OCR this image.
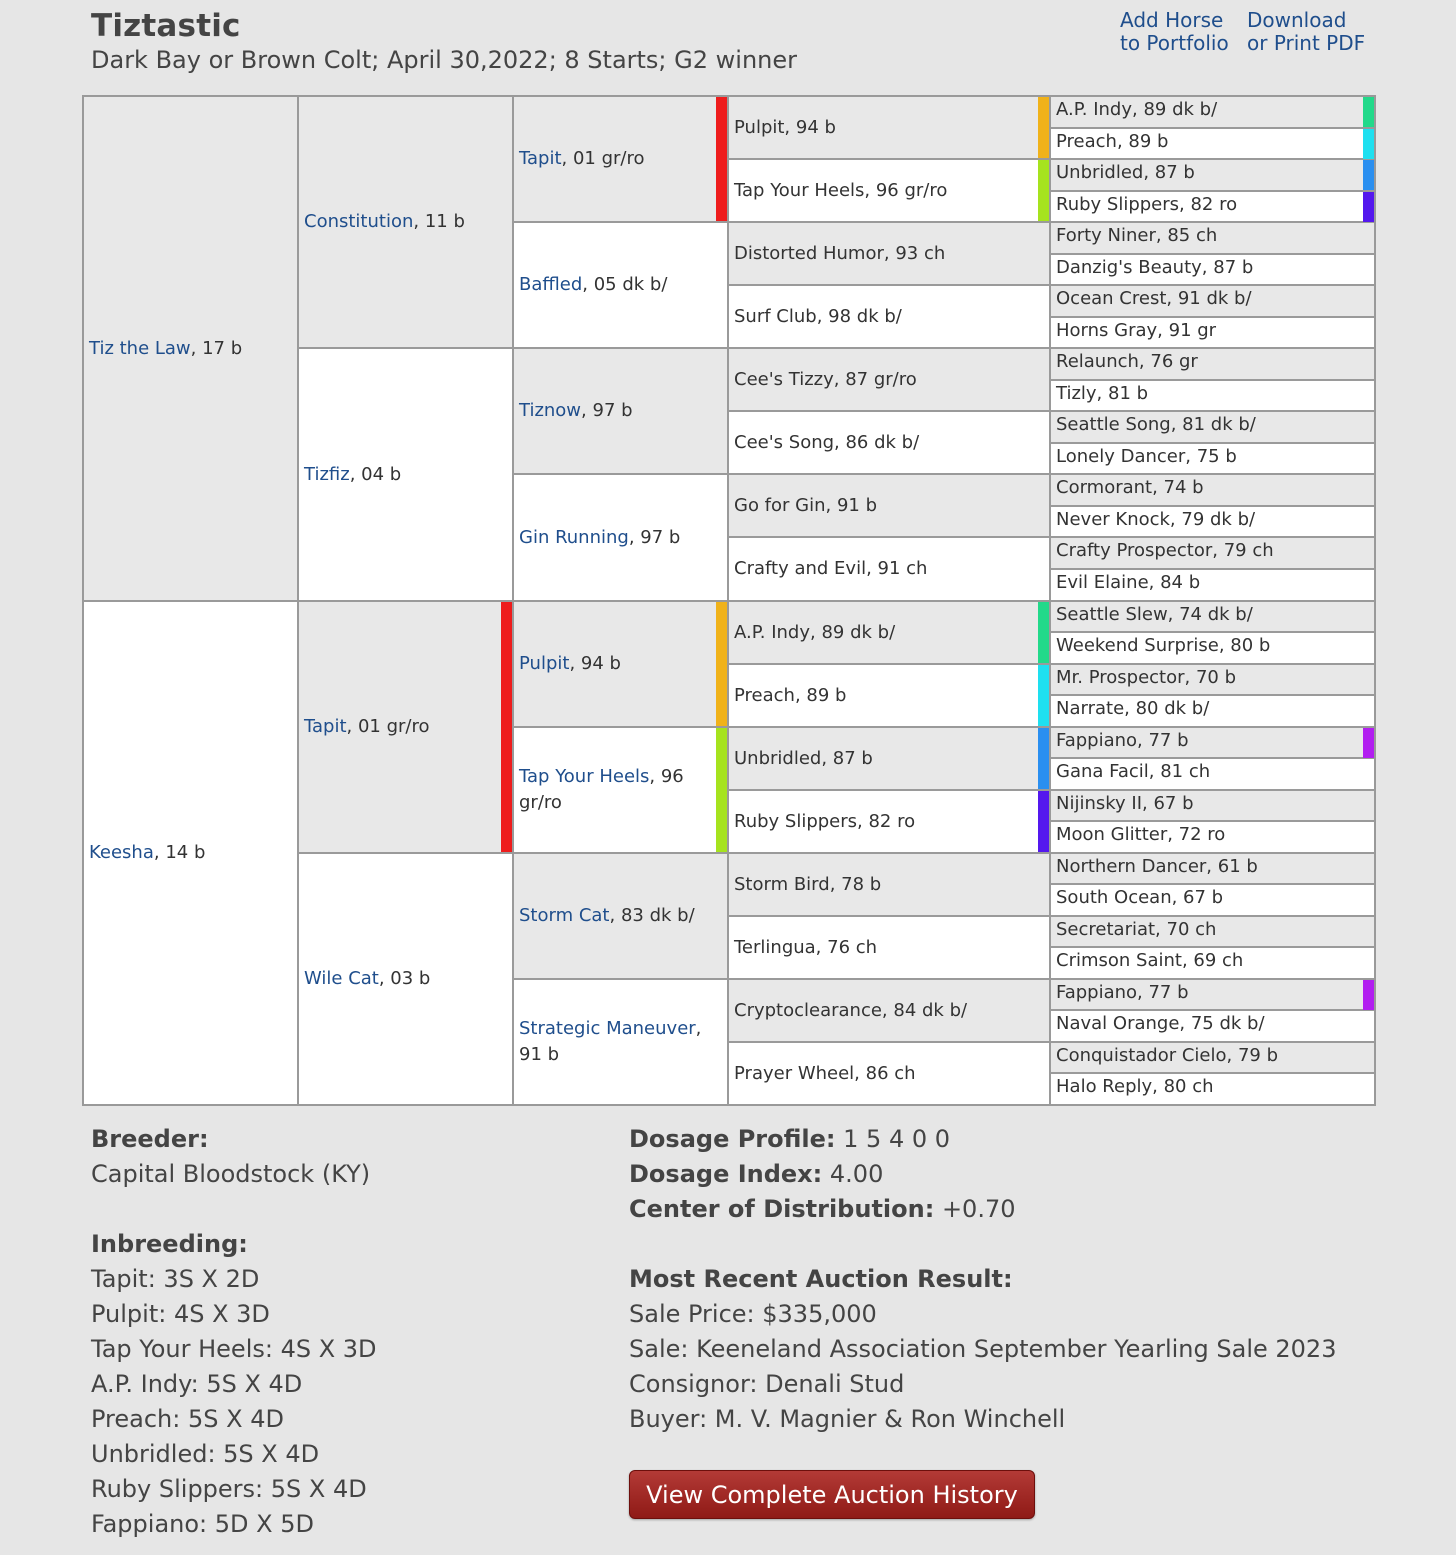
Tiztastic
Dark Bay or Brown Colt; April 30,2022; 8 Starts; G2 winner
Add Horse
to Portfolio
Download
or Print PDF
Tiz the Law, 17 b
Keesha, 14 b
Constitution, 11 b
Tizfiz, 04 b
Tapit, 01 gr/ro
Wile Cat, 03 b
Tapit, 01 gr/ro
Baffled, 05 dk b/
Tiznow, 97 b
Gin Running, 97 b
Pulpit, 94 b
Tap Your Heels, 96 gr/ro
Storm Cat, 83 dk b/
Strategic Maneuver, 91 b
Pulpit, 94 b
Tap Your Heels, 96 gr/ro
Distorted Humor, 93 ch
Surf Club, 98 dk b/
Cee's Tizzy, 87 gr/ro
Cee's Song, 86 dk b/
Go for Gin, 91 b
Crafty and Evil, 91 ch
A.P. Indy, 89 dk b/
Preach, 89 b
Unbridled, 87 b
Ruby Slippers, 82 ro
Storm Bird, 78 b
Terlingua, 76 ch
Cryptoclearance, 84 dk b/
Prayer Wheel, 86 ch
A.P. Indy, 89 dk b/
Preach, 89 b
Unbridled, 87 b
Ruby Slippers, 82 ro
Forty Niner, 85 ch
Danzig's Beauty, 87 b
Ocean Crest, 91 dk b/
Horns Gray, 91 gr
Relaunch, 76 gr
Tizly, 81 b
Seattle Song, 81 dk b/
Lonely Dancer, 75 b
Cormorant, 74 b
Never Knock, 79 dk b/
Crafty Prospector, 79 ch
Evil Elaine, 84 b
Seattle Slew, 74 dk b/
Weekend Surprise, 80 b
Mr. Prospector, 70 b
Narrate, 80 dk b/
Fappiano, 77 b
Gana Facil, 81 ch
Nijinsky II, 67 b
Moon Glitter, 72 ro
Northern Dancer, 61 b
South Ocean, 67 b
Secretariat, 70 ch
Crimson Saint, 69 ch
Fappiano, 77 b
Naval Orange, 75 dk b/
Conquistador Cielo, 79 b
Halo Reply, 80 ch
Breeder:
Capital Bloodstock (KY)
Inbreeding:
Tapit: 3S X 2D
Pulpit: 4S X 3D
Tap Your Heels: 4S X 3D
A.P. Indy: 5S X 4D
Preach: 5S X 4D
Unbridled: 5S X 4D
Ruby Slippers: 5S X 4D
Fappiano: 5D X 5D
Dosage Profile: 1 5 4 0 0
Dosage Index: 4.00
Center of Distribution: +0.70
Most Recent Auction Result:
Sale Price: $335,000
Sale: Keeneland Association September Yearling Sale 2023
Consignor: Denali Stud
Buyer: M. V. Magnier & Ron Winchell
View Complete Auction History
